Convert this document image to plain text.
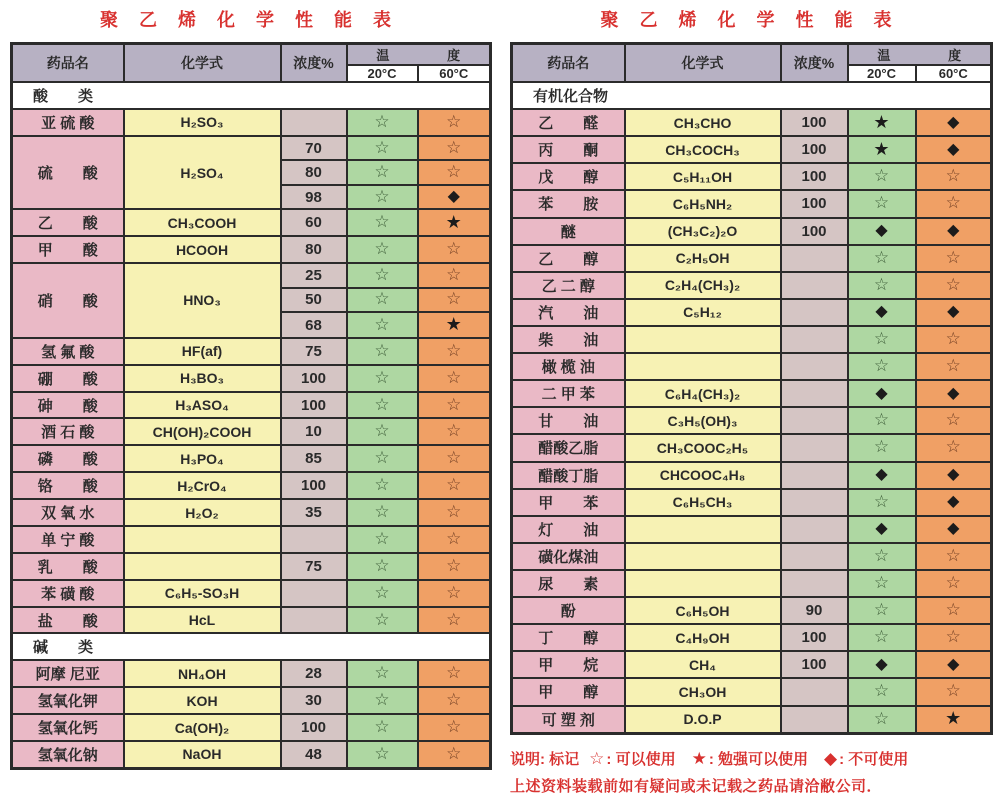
聚 乙 烯 化 学 性 能 表
药品名	化学式	浓度%	温 度	

			20°C	60°C
酸　　类				
亚 硫 酸	H₂SO₃		☆	☆
硫　　酸	H₂SO₄	70	☆	☆
		80	☆	☆
		98	☆	◆
乙　　酸	CH₃COOH	60	☆	★
甲　　酸	HCOOH	80	☆	☆
硝　　酸	HNO₃	25	☆	☆
		50	☆	☆
		68	☆	★
氢 氟 酸	HF(af)	75	☆	☆
硼　　酸	H₃BO₃	100	☆	☆
砷　　酸	H₃ASO₄	100	☆	☆
酒 石 酸	CH(OH)₂COOH	10	☆	☆
磷　　酸	H₃PO₄	85	☆	☆
铬　　酸	H₂CrO₄	100	☆	☆
双 氧 水	H₂O₂	35	☆	☆
单 宁 酸			☆	☆
乳　　酸		75	☆	☆
苯 磺 酸	C₆H₅-SO₃H		☆	☆
盐　　酸	HcL		☆	☆
碱　　类				
阿摩 尼亚	NH₄OH	28	☆	☆
氢氧化钾	KOH	30	☆	☆
氢氧化钙	Ca(OH)₂	100	☆	☆
氢氧化钠	NaOH	48	☆	☆
聚 乙 烯 化 学 性 能 表
药品名	化学式	浓度%	温 度	

			20°C	60°C
有机化合物				
乙　　醛	CH₃CHO	100	★	◆
丙　　酮	CH₃COCH₃	100	★	◆
戊　　醇	C₅H₁₁OH	100	☆	☆
苯　　胺	C₆H₅NH₂	100	☆	☆
醚	(CH₃C₂)₂O	100	◆	◆
乙　　醇	C₂H₅OH		☆	☆
乙 二 醇	C₂H₄(CH₃)₂		☆	☆
汽　　油	C₅H₁₂		◆	◆
柴　　油			☆	☆
橄 榄 油			☆	☆
二 甲 苯	C₆H₄(CH₃)₂		◆	◆
甘　　油	C₃H₅(OH)₃		☆	☆
醋酸乙脂	CH₃COOC₂H₅		☆	☆
醋酸丁脂	CHCOOC₄H₈		◆	◆
甲　　苯	C₆H₅CH₃		☆	◆
灯　　油			◆	◆
磺化煤油			☆	☆
尿　　素			☆	☆
酚	C₆H₅OH	90	☆	☆
丁　　醇	C₄H₉OH	100	☆	☆
甲　　烷	CH₄	100	◆	◆
甲　　醇	CH₃OH		☆	☆
可 塑 剂	D.O.P		☆	★
说明: 标记 ☆ : 可以使用 ★ : 勉强可以使用 ◆ : 不可使用
上述资料装载前如有疑问或未记载之药品请洽敝公司．
